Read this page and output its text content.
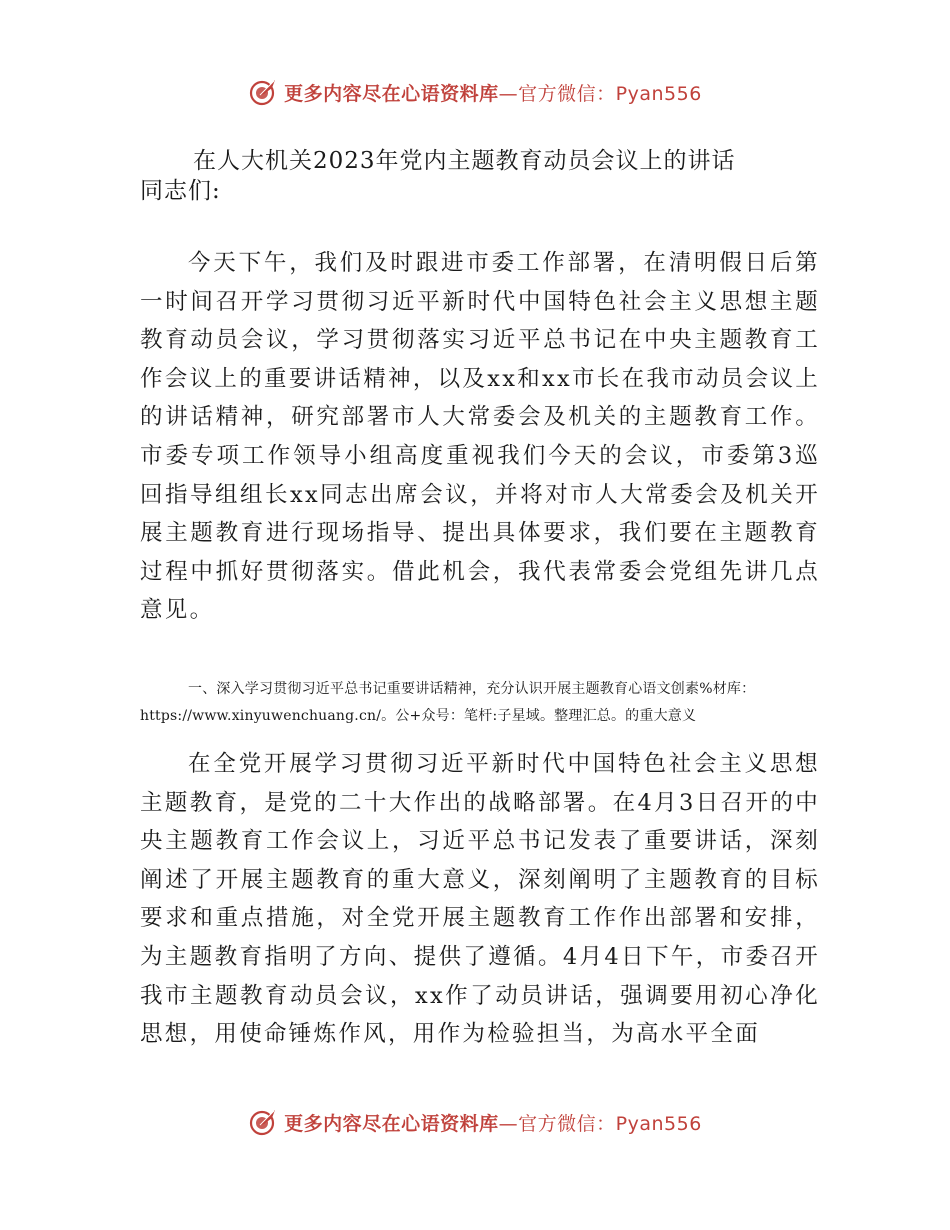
更多内容尽在心语资料库—官方微信：Pyan556
在人大机关2023年党内主题教育动员会议上的讲话
同志们:

今天下午，我们及时跟进市委工作部署，在清明假日后第一时间召开学习贯彻习近平新时代中国特色社会主义思想主题教育动员会议，学习贯彻落实习近平总书记在中央主题教育工作会议上的重要讲话精神，以及xx和xx市长在我市动员会议上的讲话精神，研究部署市人大常委会及机关的主题教育工作。市委专项工作领导小组高度重视我们今天的会议，市委第3巡回指导组组长xx同志出席会议，并将对市人大常委会及机关开展主题教育进行现场指导、提出具体要求，我们要在主题教育过程中抓好贯彻落实。借此机会，我代表常委会党组先讲几点意见。

一、深入学习贯彻习近平总书记重要讲话精神，充分认识开展主题教育心语文创素%材库：https://www.xinyuwenchuang.cn/。公+众号：笔杆:子星域。整理汇总。的重大意义

在全党开展学习贯彻习近平新时代中国特色社会主义思想主题教育，是党的二十大作出的战略部署。在4月3日召开的中央主题教育工作会议上，习近平总书记发表了重要讲话，深刻阐述了开展主题教育的重大意义，深刻阐明了主题教育的目标要求和重点措施，对全党开展主题教育工作作出部署和安排，为主题教育指明了方向、提供了遵循。4月4日下午，市委召开我市主题教育动员会议，xx作了动员讲话，强调要用初心净化思想，用使命锤炼作风，用作为检验担当，为高水平全面

更多内容尽在心语资料库—官方微信：Pyan556
